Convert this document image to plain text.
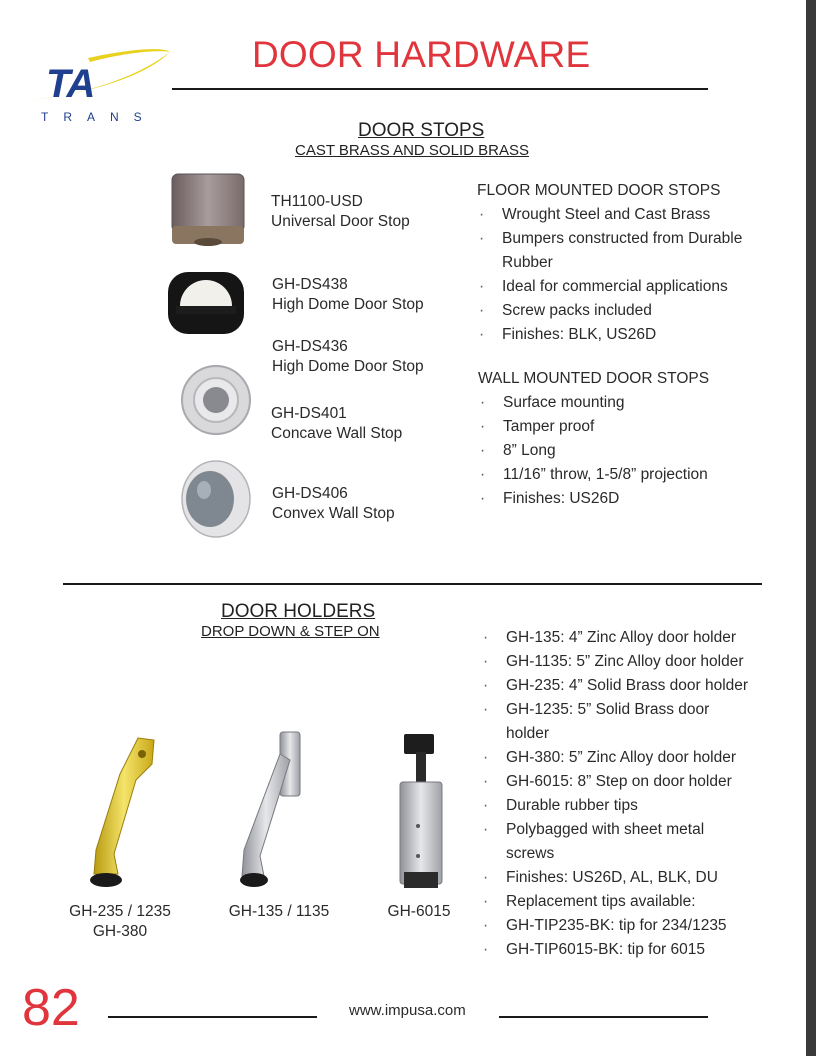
TA
TRANS
DOOR HARDWARE
DOOR STOPS
CAST BRASS AND SOLID BRASS
TH1100-USD
Universal Door Stop
GH-DS438
High Dome Door Stop
GH-DS436
High Dome Door Stop
GH-DS401
Concave Wall Stop
GH-DS406
Convex Wall Stop
FLOOR MOUNTED DOOR STOPS
· Wrought Steel and Cast Brass
· Bumpers constructed from Durable Rubber
· Ideal for commercial applications
· Screw packs included
· Finishes: BLK, US26D
WALL MOUNTED DOOR STOPS
· Surface mounting
· Tamper proof
· 8” Long
· 11/16” throw, 1-5/8” projection
· Finishes: US26D
DOOR HOLDERS
DROP DOWN & STEP ON
GH-235 / 1235
GH-380
GH-135 / 1135	GH-6015
· GH-135: 4” Zinc Alloy door holder
· GH-1135: 5” Zinc Alloy door holder
· GH-235: 4” Solid Brass door holder
· GH-1235: 5” Solid Brass door holder
· GH-380: 5” Zinc Alloy door holder
· GH-6015: 8” Step on door holder
· Durable rubber tips
· Polybagged with sheet metal screws
· Finishes: US26D, AL, BLK, DU
· Replacement tips available:
· GH-TIP235-BK: tip for 234/1235
· GH-TIP6015-BK: tip for 6015
82	www.impusa.com
